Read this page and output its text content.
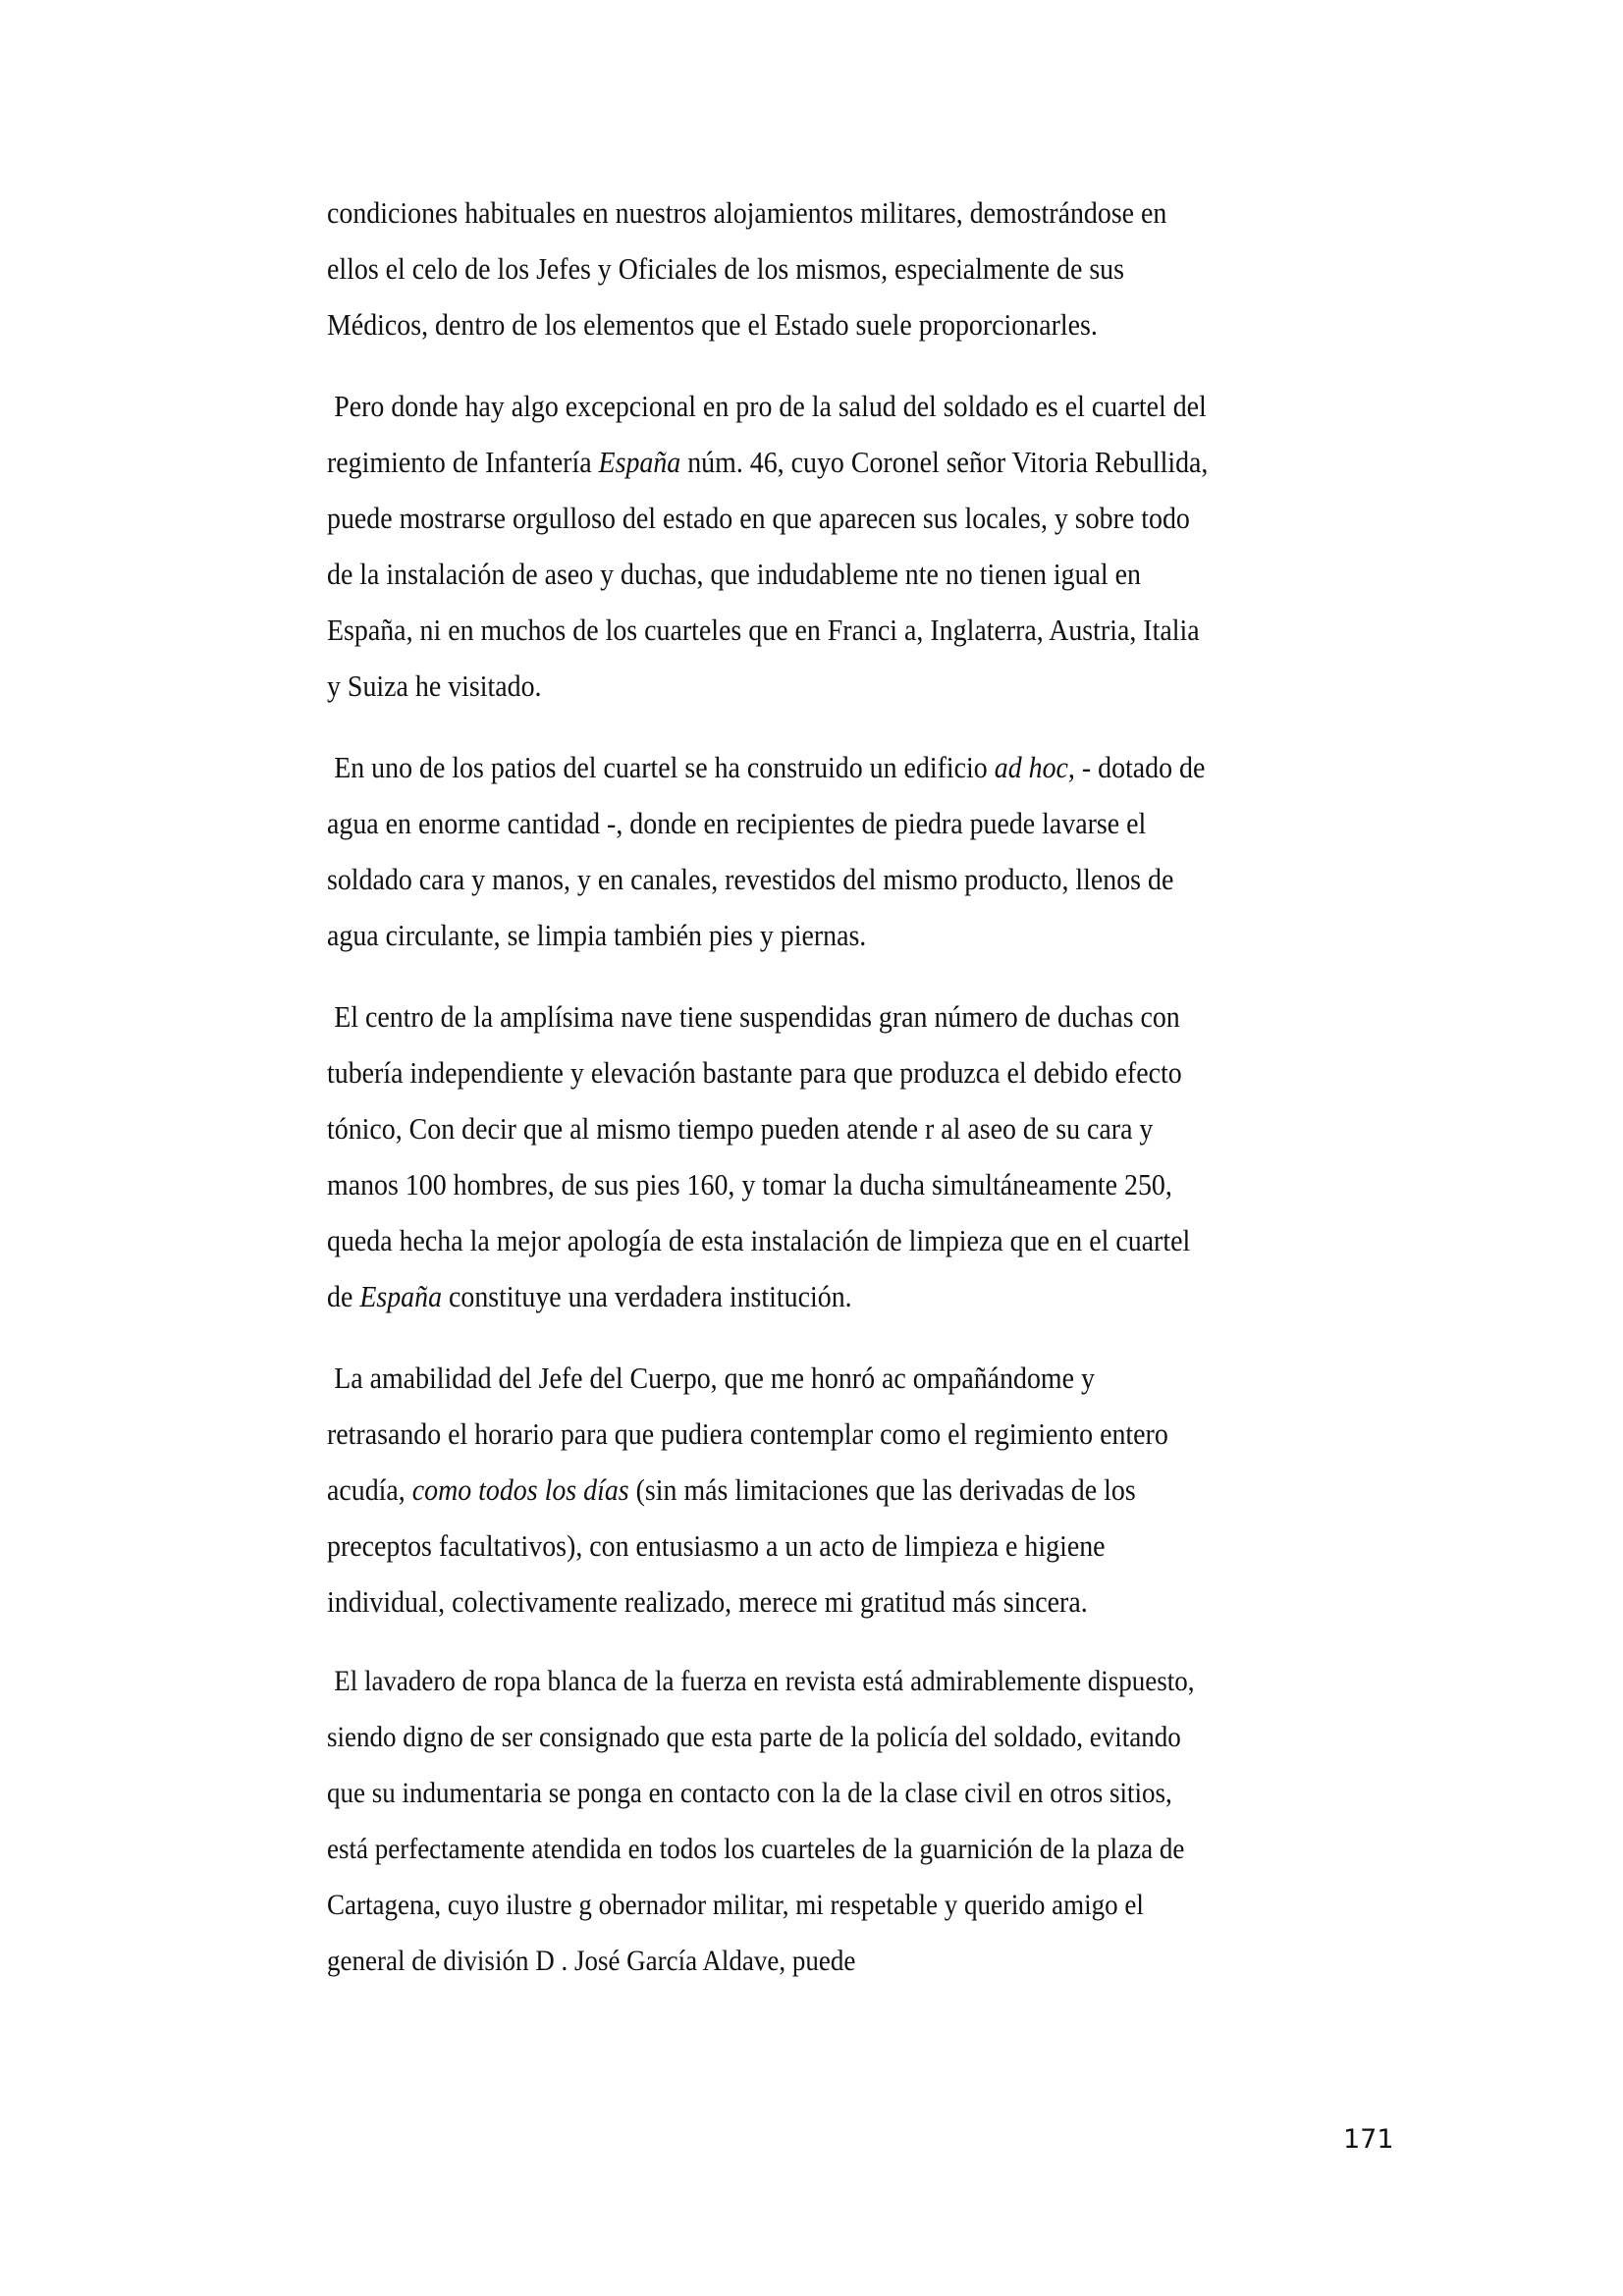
condiciones habituales en nuestros alojamientos militares, demostrándose en
ellos el celo de los Jefes y Oficiales de los mismos, especialmente de sus
Médicos, dentro de los elementos que el Estado suele proporcionarles.
Pero donde hay algo excepcional en pro de la salud del soldado es el cuartel del
regimiento de Infantería España núm. 46, cuyo Coronel señor Vitoria Rebullida,
puede mostrarse orgulloso del estado en que aparecen sus locales, y sobre todo
de la instalación de aseo y duchas, que indudableme nte no tienen igual en
España, ni en muchos de los cuarteles que en Franci a, Inglaterra, Austria, Italia
y Suiza he visitado.
En uno de los patios del cuartel se ha construido un edificio ad hoc, - dotado de
agua en enorme cantidad -, donde en recipientes de piedra puede lavarse el
soldado cara y manos, y en canales, revestidos del mismo producto, llenos de
agua circulante, se limpia también pies y piernas.
El centro de la amplísima nave tiene suspendidas gran número de duchas con
tubería independiente y elevación bastante para que produzca el debido efecto
tónico, Con decir que al mismo tiempo pueden atende r al aseo de su cara y
manos 100 hombres, de sus pies 160, y tomar la ducha simultáneamente 250,
queda hecha la mejor apología de esta instalación de limpieza que en el cuartel
de España constituye una verdadera institución.
La amabilidad del Jefe del Cuerpo, que me honró ac ompañándome y
retrasando el horario para que pudiera contemplar como el regimiento entero
acudía, como todos los días (sin más limitaciones que las derivadas de los
preceptos facultativos), con entusiasmo a un acto de limpieza e higiene
individual, colectivamente realizado, merece mi gratitud más sincera.
El lavadero de ropa blanca de la fuerza en revista está admirablemente dispuesto,
siendo digno de ser consignado que esta parte de la policía del soldado, evitando
que su indumentaria se ponga en contacto con la de la clase civil en otros sitios,
está perfectamente atendida en todos los cuarteles de la guarnición de la plaza de
Cartagena, cuyo ilustre g obernador militar, mi respetable y querido amigo el
general de división D . José García Aldave, puede
171
